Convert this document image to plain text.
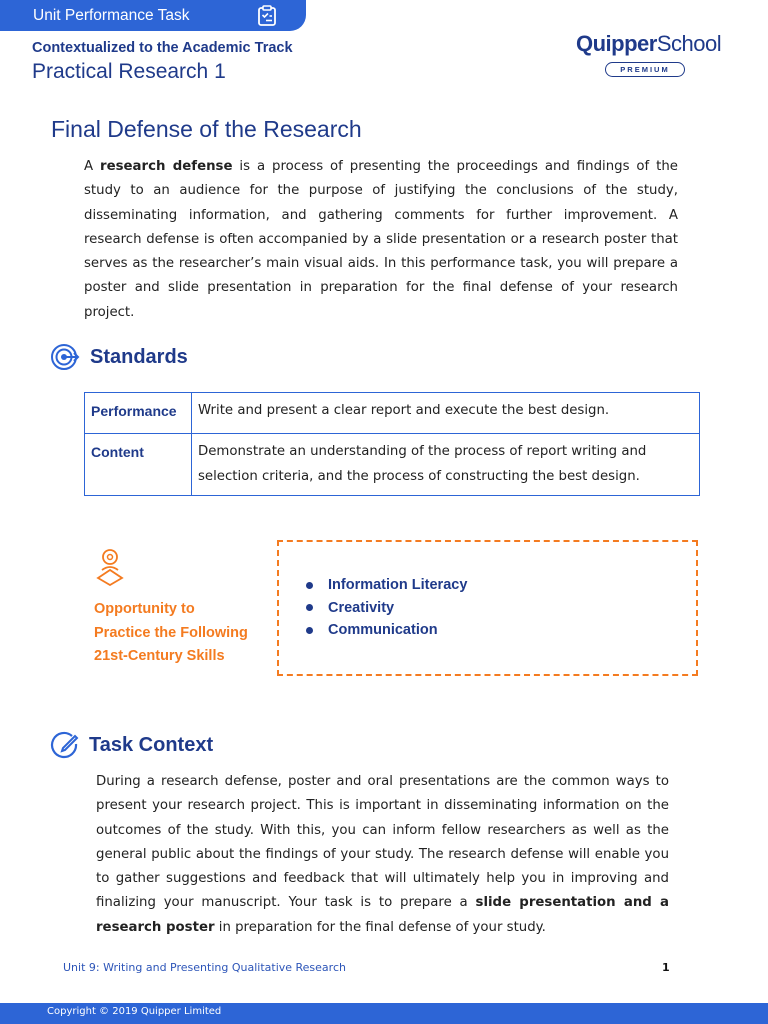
Unit Performance Task
Contextualized to the Academic Track
Practical Research 1
QuipperSchool
PREMIUM
Final Defense of the Research

A research defense is a process of presenting the proceedings and findings of the study to an audience for the purpose of justifying the conclusions of the study, disseminating information, and gathering comments for further improvement. A research defense is often accompanied by a slide presentation or a research poster that serves as the researcher’s main visual aids. In this performance task, you will prepare a poster and slide presentation in preparation for the final defense of your research project.

Standards
Performance	Write and present a clear report and execute the best design.
Content	Demonstrate an understanding of the process of report writing and selection criteria, and the process of constructing the best design.
Opportunity to
Practice the Following
21st-Century Skills
Information Literacy
Creativity
Communication
Task Context

During a research defense, poster and oral presentations are the common ways to present your research project. This is important in disseminating information on the outcomes of the study. With this, you can inform fellow researchers as well as the general public about the findings of your study. The research defense will enable you to gather suggestions and feedback that will ultimately help you in improving and finalizing your manuscript. Your task is to prepare a slide presentation and a research poster in preparation for the final defense of your study.

Unit 9: Writing and Presenting Qualitative Research	1
Copyright © 2019 Quipper Limited
